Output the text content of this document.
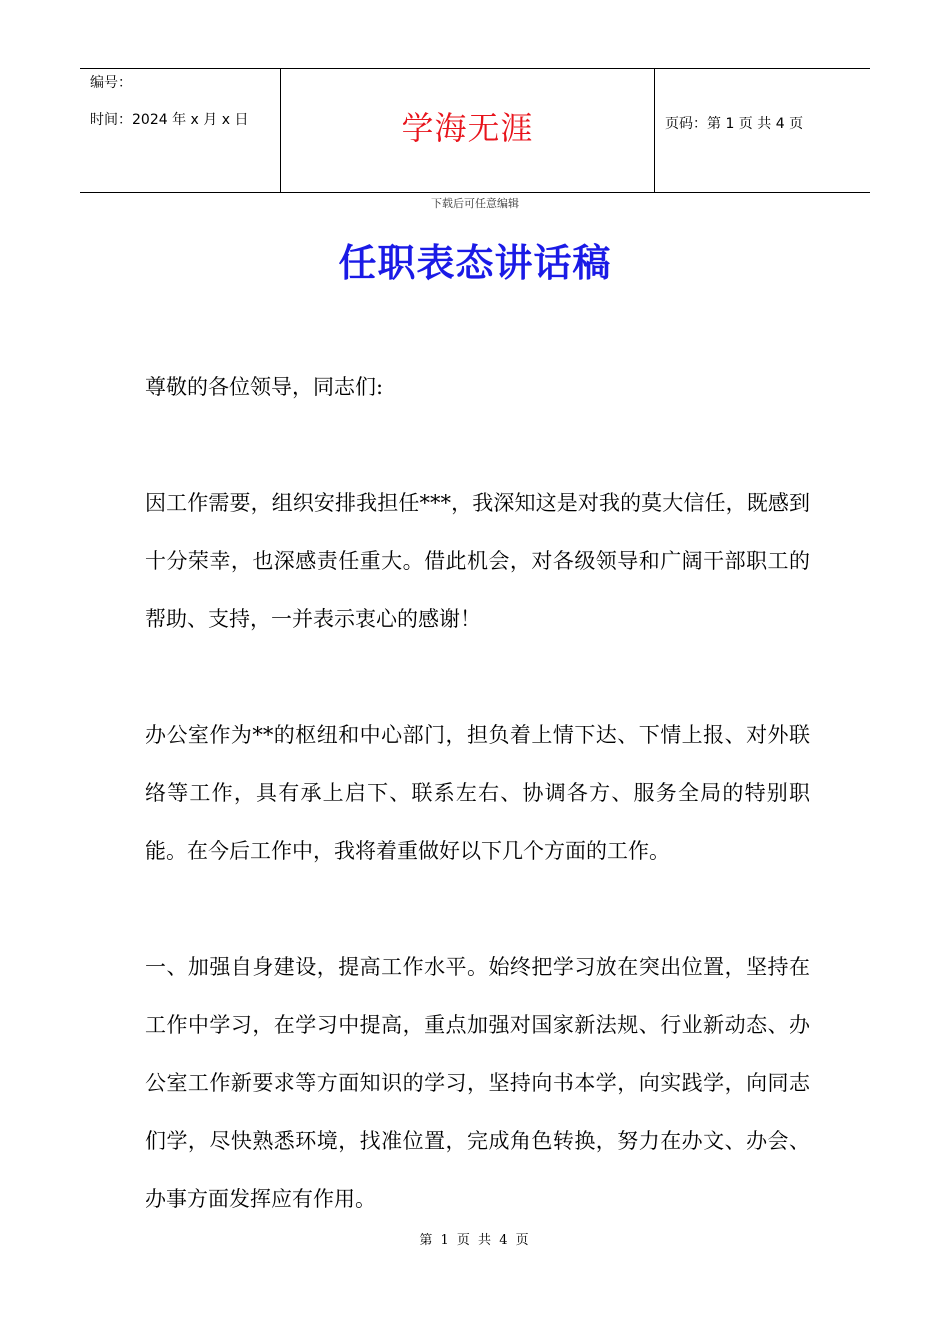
编号：
时间：2024 年 x 月 x 日	学海无涯	页码：第 1 页 共 4 页
下载后可任意编辑
任职表态讲话稿

尊敬的各位领导，同志们:

因工作需要，组织安排我担任***，我深知这是对我的莫大信任，既感到十分荣幸，也深感责任重大。借此机会，对各级领导和广阔干部职工的帮助、支持，一并表示衷心的感谢！

办公室作为**的枢纽和中心部门，担负着上情下达、下情上报、对外联络等工作，具有承上启下、联系左右、协调各方、服务全局的特别职能。在今后工作中，我将着重做好以下几个方面的工作。

一、加强自身建设，提高工作水平。始终把学习放在突出位置，坚持在工作中学习，在学习中提高，重点加强对国家新法规、行业新动态、办公室工作新要求等方面知识的学习，坚持向书本学，向实践学，向同志们学，尽快熟悉环境，找准位置，完成角色转换，努力在办文、办会、办事方面发挥应有作用。

第 1 页 共 4 页
